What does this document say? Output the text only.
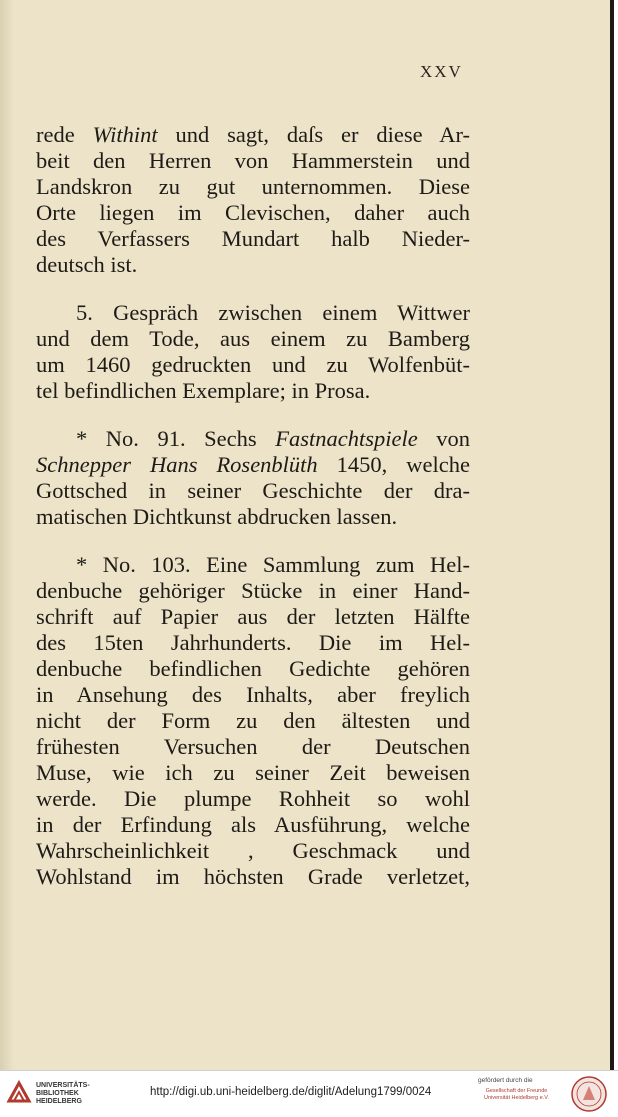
XXV
rede Withint und sagt, daſs er diese Ar-
beit den Herren von Hammerstein und
Landskron zu gut unternommen. Diese
Orte liegen im Clevischen, daher auch
des Verfassers Mundart halb Nieder-
deutsch ist.
5. Gespräch zwischen einem Wittwer
und dem Tode, aus einem zu Bamberg
um 1460 gedruckten und zu Wolfenbüt-
tel befindlichen Exemplare; in Prosa.
* No. 91. Sechs Fastnachtspiele von
Schnepper Hans Rosenblüth 1450, welche
Gottsched in seiner Geschichte der dra-
matischen Dichtkunst abdrucken lassen.
* No. 103. Eine Sammlung zum Hel-
denbuche gehöriger Stücke in einer Hand-
schrift auf Papier aus der letzten Hälfte
des 15ten Jahrhunderts. Die im Hel-
denbuche befindlichen Gedichte gehören
in Ansehung des Inhalts, aber freylich
nicht der Form zu den ältesten und
frühesten Versuchen der Deutschen
Muse, wie ich zu seiner Zeit beweisen
werde. Die plumpe Rohheit so wohl
in der Erfindung als Ausführung, welche
Wahrscheinlichkeit , Geschmack und
Wohlstand im höchsten Grade verletzet,
UNIVERSITÄTS-
BIBLIOTHEK
HEIDELBERG
http://digi.ub.uni-heidelberg.de/diglit/Adelung1799/0024
gefördert durch die
Gesellschaft der Freunde
Universität Heidelberg e.V.
